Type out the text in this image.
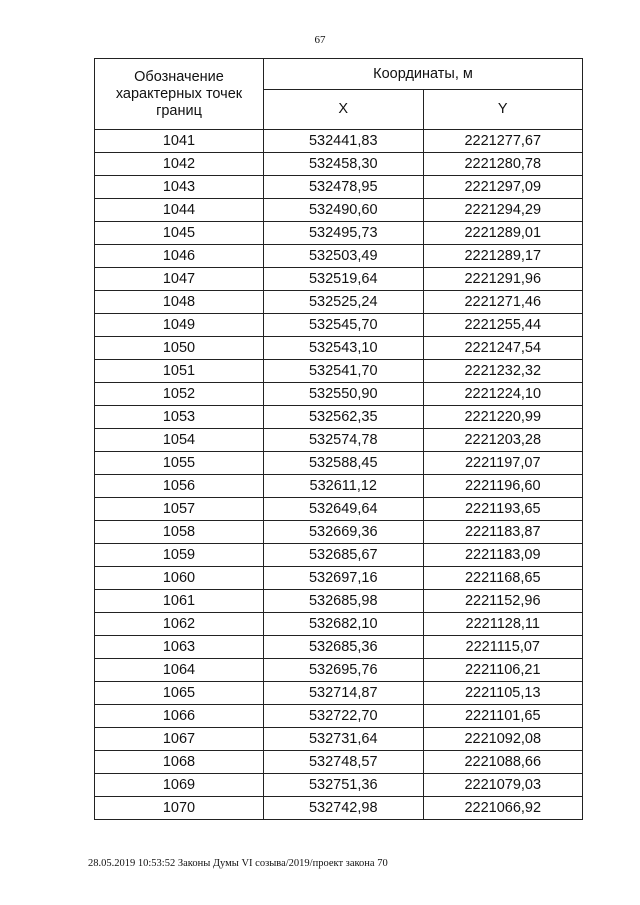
67
Обозначение характерных точек границ	Координаты, м	
	X	Y
1041	532441,83	2221277,67
1042	532458,30	2221280,78
1043	532478,95	2221297,09
1044	532490,60	2221294,29
1045	532495,73	2221289,01
1046	532503,49	2221289,17
1047	532519,64	2221291,96
1048	532525,24	2221271,46
1049	532545,70	2221255,44
1050	532543,10	2221247,54
1051	532541,70	2221232,32
1052	532550,90	2221224,10
1053	532562,35	2221220,99
1054	532574,78	2221203,28
1055	532588,45	2221197,07
1056	532611,12	2221196,60
1057	532649,64	2221193,65
1058	532669,36	2221183,87
1059	532685,67	2221183,09
1060	532697,16	2221168,65
1061	532685,98	2221152,96
1062	532682,10	2221128,11
1063	532685,36	2221115,07
1064	532695,76	2221106,21
1065	532714,87	2221105,13
1066	532722,70	2221101,65
1067	532731,64	2221092,08
1068	532748,57	2221088,66
1069	532751,36	2221079,03
1070	532742,98	2221066,92
28.05.2019 10:53:52 Законы Думы VI созыва/2019/проект закона 70
